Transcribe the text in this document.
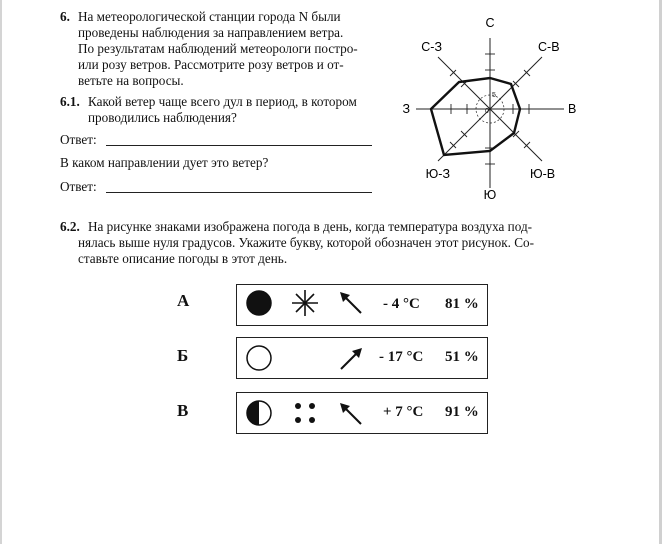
6. На метеорологической станции города N были
проведены наблюдения за направлением ветра.
По результатам наблюдений метеорологи постро-
или розу ветров. Рассмотрите розу ветров и от-
ветьте на вопросы.
6.1. Какой ветер чаще всего дул в период, в котором
проводились наблюдения?
Ответ:
В каком направлении дует это ветер?
Ответ:
5
0
С
С-В
В
Ю-В
Ю
С-З
З
Ю-З
6.2. На рисунке знаками изображена погода в день, когда температура воздуха под-
нялась выше нуля градусов. Укажите букву, которой обозначен этот рисунок. Со-
ставьте описание погоды в этот день.
А	- 4 °C 81 %
Б	- 17 °C 51 %
В	+ 7 °C 91 %
